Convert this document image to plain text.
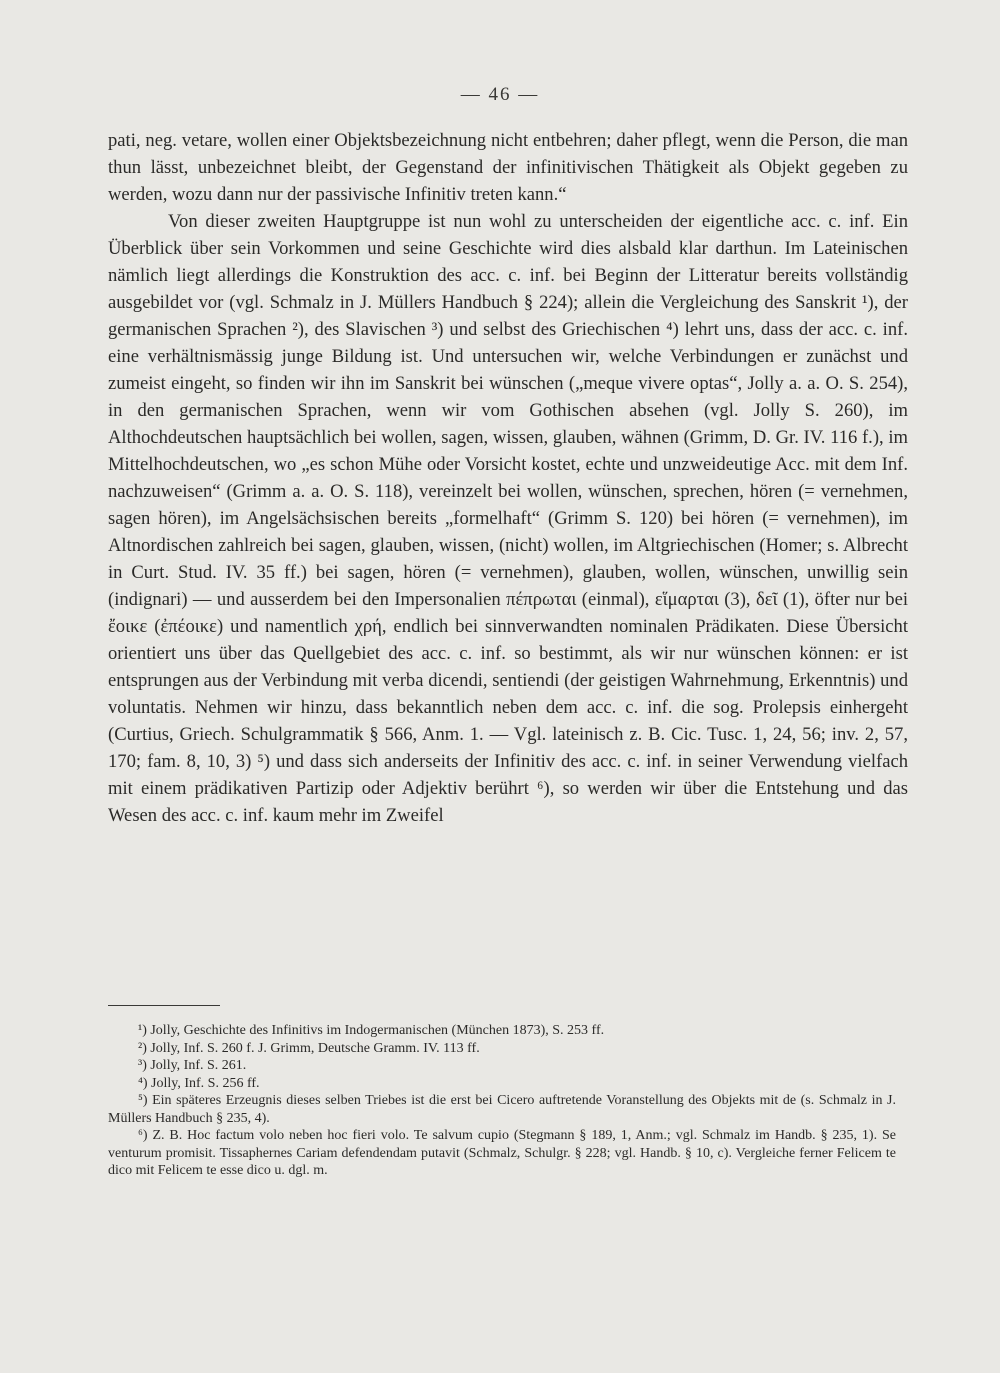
— 46 —

pati, neg. vetare, wollen einer Objektsbezeichnung nicht entbehren; daher pflegt, wenn die Person, die man thun lässt, unbezeichnet bleibt, der Gegenstand der infinitivischen Thätigkeit als Objekt gegeben zu werden, wozu dann nur der passivische Infinitiv treten kann.“

Von dieser zweiten Hauptgruppe ist nun wohl zu unterscheiden der eigentliche acc. c. inf. Ein Überblick über sein Vorkommen und seine Geschichte wird dies alsbald klar darthun. Im Lateinischen nämlich liegt allerdings die Konstruktion des acc. c. inf. bei Beginn der Litteratur bereits vollständig ausgebildet vor (vgl. Schmalz in J. Müllers Handbuch § 224); allein die Vergleichung des Sanskrit ¹), der germanischen Sprachen ²), des Slavischen ³) und selbst des Griechischen ⁴) lehrt uns, dass der acc. c. inf. eine verhältnismässig junge Bildung ist. Und untersuchen wir, welche Verbindungen er zunächst und zumeist eingeht, so finden wir ihn im Sanskrit bei wünschen („meque vivere optas“, Jolly a. a. O. S. 254), in den germanischen Sprachen, wenn wir vom Gothischen absehen (vgl. Jolly S. 260), im Althochdeutschen hauptsächlich bei wollen, sagen, wissen, glauben, wähnen (Grimm, D. Gr. IV. 116 f.), im Mittelhochdeutschen, wo „es schon Mühe oder Vorsicht kostet, echte und unzweideutige Acc. mit dem Inf. nachzuweisen“ (Grimm a. a. O. S. 118), vereinzelt bei wollen, wünschen, sprechen, hören (= vernehmen, sagen hören), im Angelsächsischen bereits „formelhaft“ (Grimm S. 120) bei hören (= vernehmen), im Altnordischen zahlreich bei sagen, glauben, wissen, (nicht) wollen, im Altgriechischen (Homer; s. Albrecht in Curt. Stud. IV. 35 ff.) bei sagen, hören (= vernehmen), glauben, wollen, wünschen, unwillig sein (indignari) — und ausserdem bei den Impersonalien πέπρωται (einmal), εἵμαρται (3), δεῖ (1), öfter nur bei ἔοικε (ἐπέοικε) und namentlich χρή, endlich bei sinnverwandten nominalen Prädikaten. Diese Übersicht orientiert uns über das Quellgebiet des acc. c. inf. so bestimmt, als wir nur wünschen können: er ist entsprungen aus der Verbindung mit verba dicendi, sentiendi (der geistigen Wahrnehmung, Erkenntnis) und voluntatis. Nehmen wir hinzu, dass bekanntlich neben dem acc. c. inf. die sog. Prolepsis einhergeht (Curtius, Griech. Schulgrammatik § 566, Anm. 1. — Vgl. lateinisch z. B. Cic. Tusc. 1, 24, 56; inv. 2, 57, 170; fam. 8, 10, 3) ⁵) und dass sich anderseits der Infinitiv des acc. c. inf. in seiner Verwendung vielfach mit einem prädikativen Partizip oder Adjektiv berührt ⁶), so werden wir über die Entstehung und das Wesen des acc. c. inf. kaum mehr im Zweifel

¹) Jolly, Geschichte des Infinitivs im Indogermanischen (München 1873), S. 253 ff.

²) Jolly, Inf. S. 260 f. J. Grimm, Deutsche Gramm. IV. 113 ff.

³) Jolly, Inf. S. 261.

⁴) Jolly, Inf. S. 256 ff.

⁵) Ein späteres Erzeugnis dieses selben Triebes ist die erst bei Cicero auftretende Voranstellung des Objekts mit de (s. Schmalz in J. Müllers Handbuch § 235, 4).

⁶) Z. B. Hoc factum volo neben hoc fieri volo. Te salvum cupio (Stegmann § 189, 1, Anm.; vgl. Schmalz im Handb. § 235, 1). Se venturum promisit. Tissaphernes Cariam defendendam putavit (Schmalz, Schulgr. § 228; vgl. Handb. § 10, c). Vergleiche ferner Felicem te dico mit Felicem te esse dico u. dgl. m.
